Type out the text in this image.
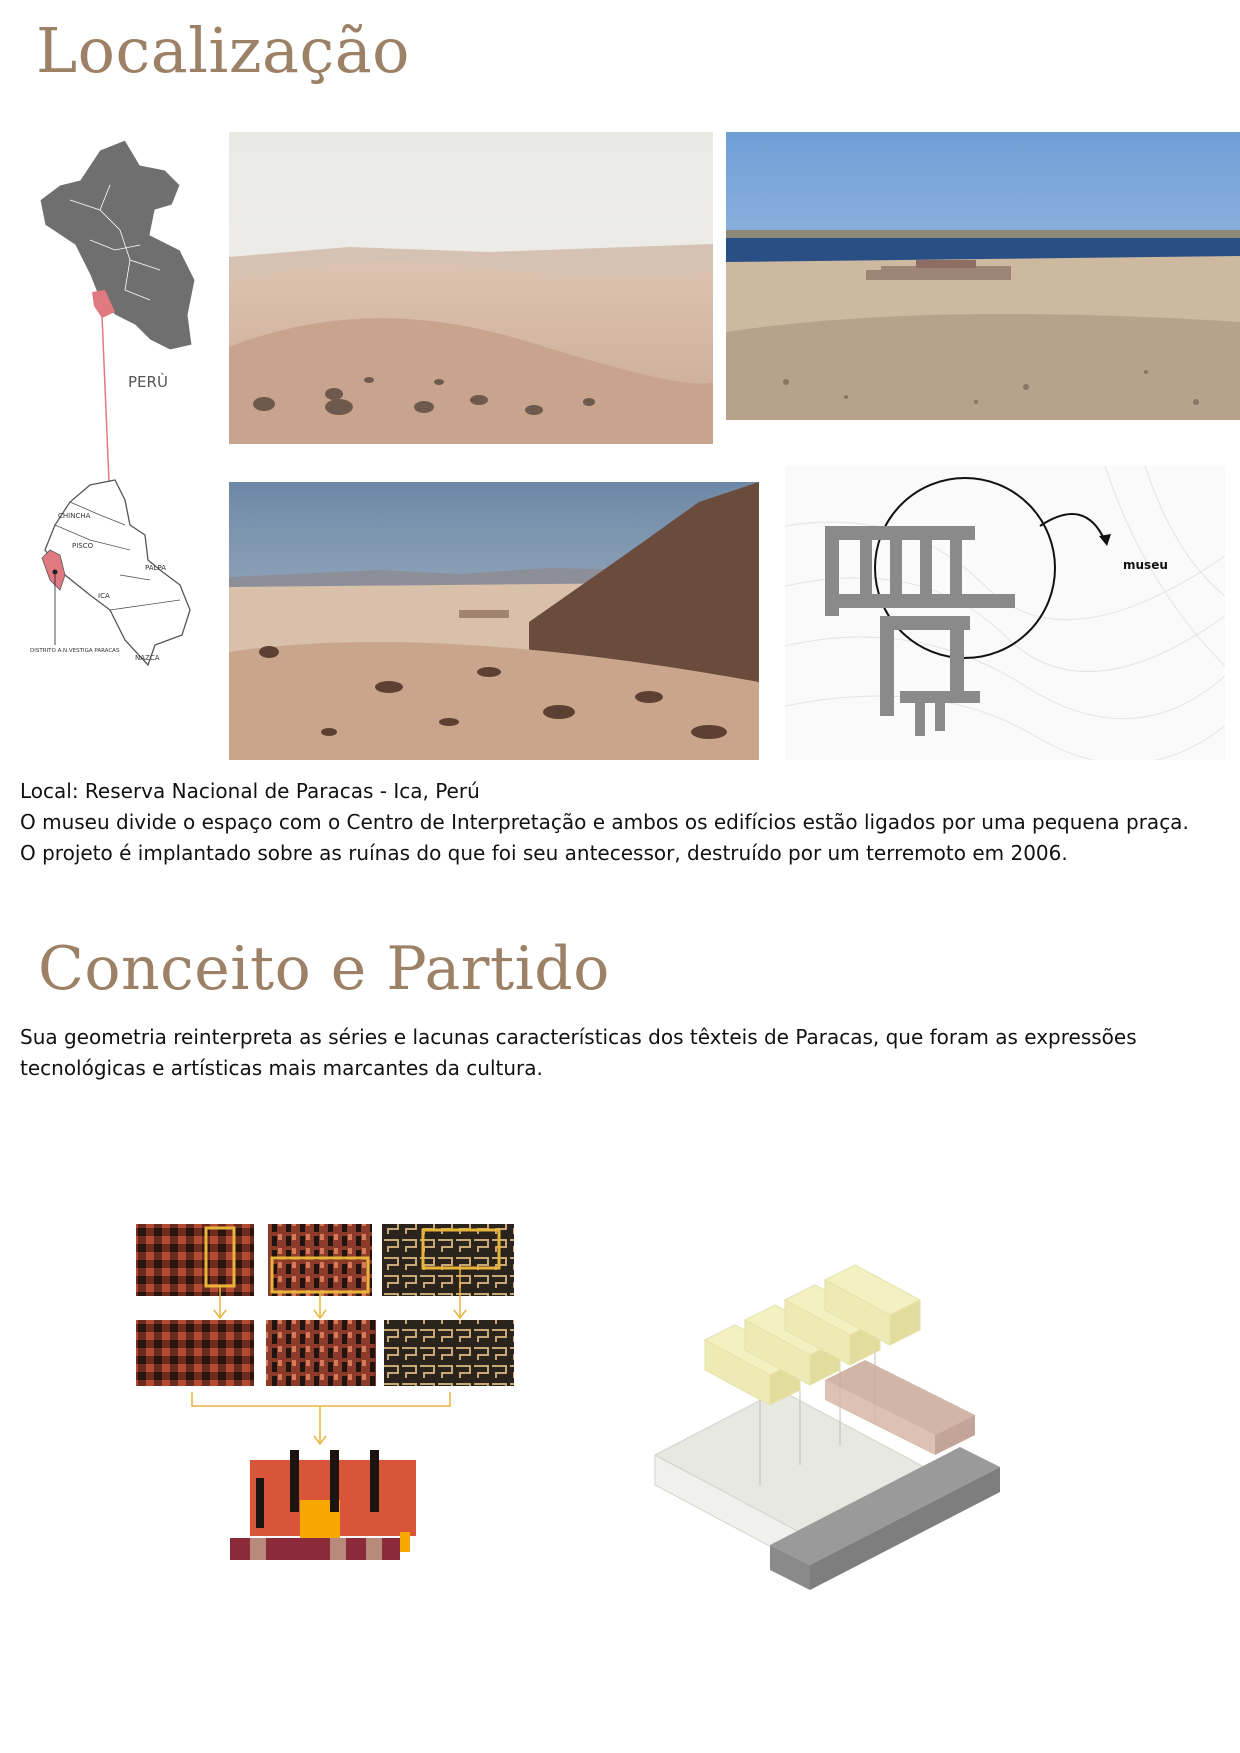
Localização
PERÙ
CHINCHA
PISCO
PALPA
ICA
NAZCA
DISTRITO A.N.VESTIGA PARACAS
museu
Local: Reserva Nacional de Paracas - Ica, Perú
O museu divide o espaço com o Centro de Interpretação e ambos os edifícios estão ligados por uma pequena praça.
O projeto é implantado sobre as ruínas do que foi seu antecessor, destruído por um terremoto em 2006.
Conceito e Partido
Sua geometria reinterpreta as séries e lacunas características dos têxteis de Paracas, que foram as expressões
tecnológicas e artísticas mais marcantes da cultura.
